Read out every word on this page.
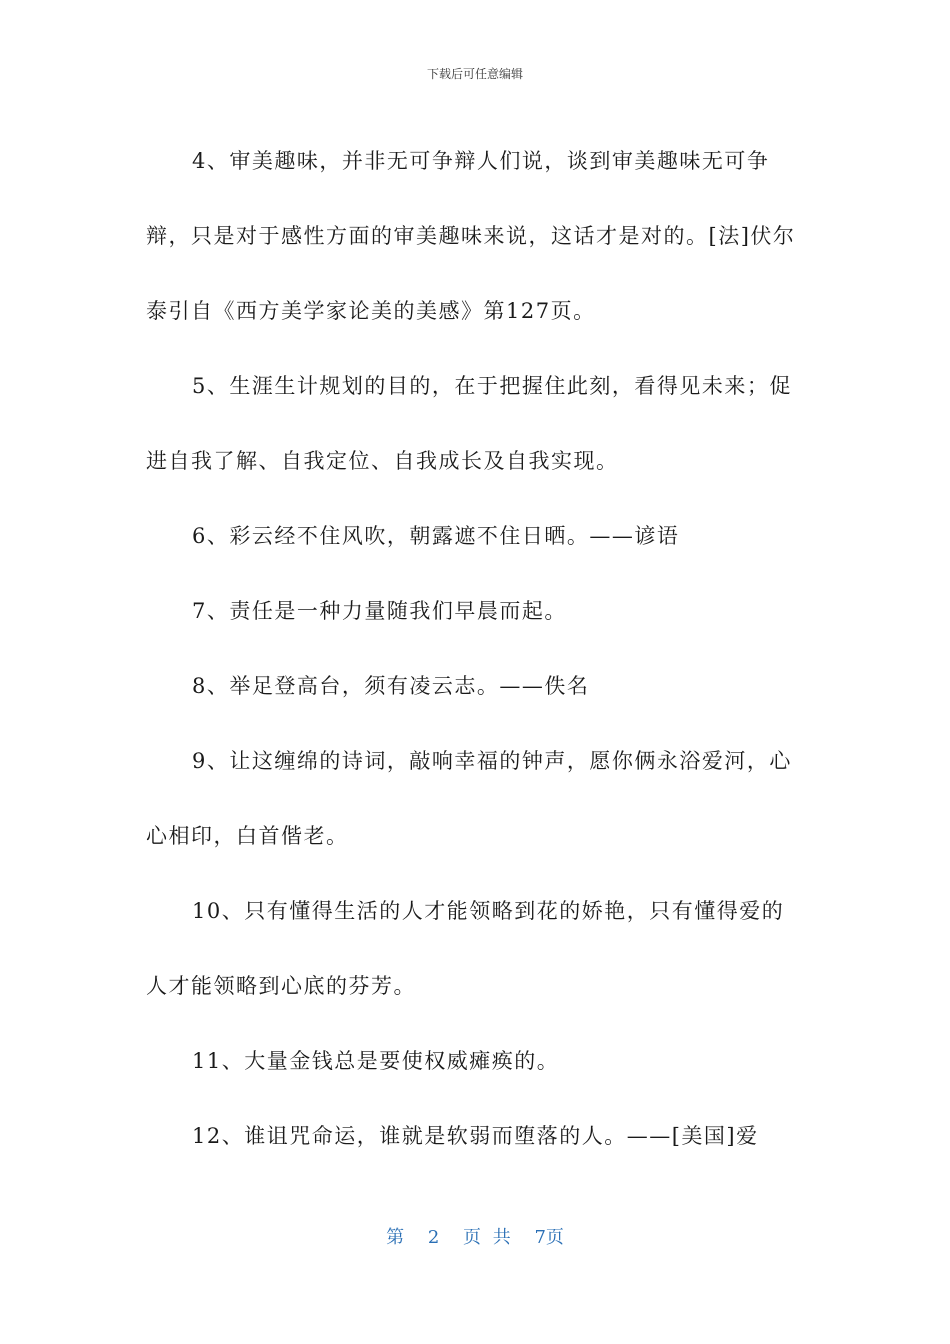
下载后可任意编辑

4、审美趣味，并非无可争辩人们说，谈到审美趣味无可争辩，只是对于感性方面的审美趣味来说，这话才是对的。[法]伏尔泰引自《西方美学家论美的美感》第127页。

5、生涯生计规划的目的，在于把握住此刻，看得见未来；促进自我了解、自我定位、自我成长及自我实现。

6、彩云经不住风吹，朝露遮不住日晒。——谚语

7、责任是一种力量随我们早晨而起。

8、举足登高台，须有凌云志。——佚名

9、让这缠绵的诗词，敲响幸福的钟声，愿你俩永浴爱河，心心相印，白首偕老。

10、只有懂得生活的人才能领略到花的娇艳，只有懂得爱的人才能领略到心底的芬芳。

11、大量金钱总是要使权威瘫痪的。

12、谁诅咒命运，谁就是软弱而堕落的人。——[美国]爱

第 2 页 共 7页
